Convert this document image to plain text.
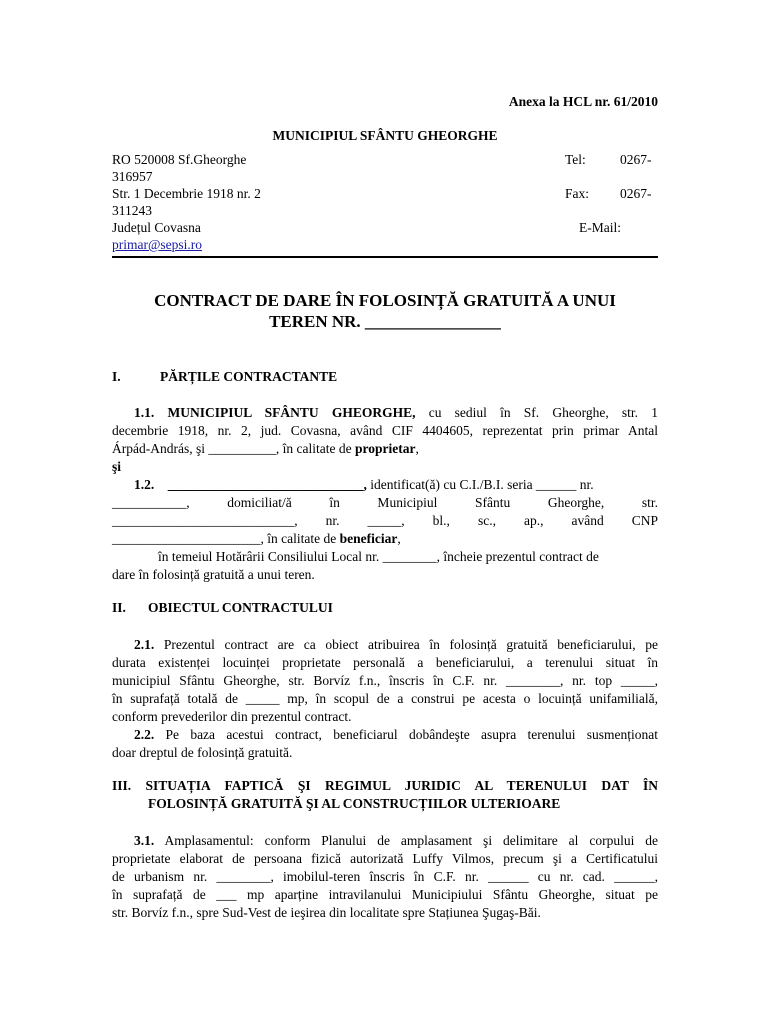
Anexa la HCL nr. 61/2010
MUNICIPIUL SFÂNTU GHEORGHE
RO 520008 Sf.Gheorghe
316957
Str. 1 Decembrie 1918 nr. 2
311243
Județul Covasna
primar@sepsi.ro
Tel:	0267-
Fax: 0267-
E-Mail:
CONTRACT DE DARE ÎN FOLOSINȚĂ GRATUITĂ A UNUI
TEREN NR. ________________
I.	PĂRȚILE CONTRACTANTE
1.1. MUNICIPIUL SFÂNTU GHEORGHE, cu sediul în Sf. Gheorghe, str. 1
decembrie 1918, nr. 2, jud. Covasna, având CIF 4404605, reprezentat prin primar Antal
Árpád-András, şi __________, în calitate de proprietar,
şi
1.2. _____________________________, identificat(ă) cu C.I./B.I. seria ______ nr.
___________, domiciliat/ă în Municipiul Sfântu Gheorghe, str.
___________________________, nr. _____, bl., sc., ap., având CNP
______________________, în calitate de beneficiar,
în temeiul Hotărârii Consiliului Local nr. ________, încheie prezentul contract de
dare în folosință gratuită a unui teren.
II. OBIECTUL CONTRACTULUI
2.1. Prezentul contract are ca obiect atribuirea în folosință gratuită beneficiarului, pe
durata existenței locuinței proprietate personală a beneficiarului, a terenului situat în
municipiul Sfântu Gheorghe, str. Borvíz f.n., înscris în C.F. nr. ________, nr. top _____,
în suprafață totală de _____ mp, în scopul de a construi pe acesta o locuință unifamilială,
conform prevederilor din prezentul contract.
2.2. Pe baza acestui contract, beneficiarul dobândeşte asupra terenului susmenționat
doar dreptul de folosință gratuită.
III. SITUAȚIA FAPTICĂ ŞI REGIMUL JURIDIC AL TERENULUI DAT ÎN
FOLOSINȚĂ GRATUITĂ ŞI AL CONSTRUCȚIILOR ULTERIOARE
3.1. Amplasamentul: conform Planului de amplasament şi delimitare al corpului de
proprietate elaborat de persoana fizică autorizată Luffy Vilmos, precum şi a Certificatului
de urbanism nr. ________, imobilul-teren înscris în C.F. nr. ______ cu nr. cad. ______,
în suprafață de ___ mp aparține intravilanului Municipiului Sfântu Gheorghe, situat pe
str. Borvíz f.n., spre Sud-Vest de ieşirea din localitate spre Stațiunea Şugaş-Băi.
